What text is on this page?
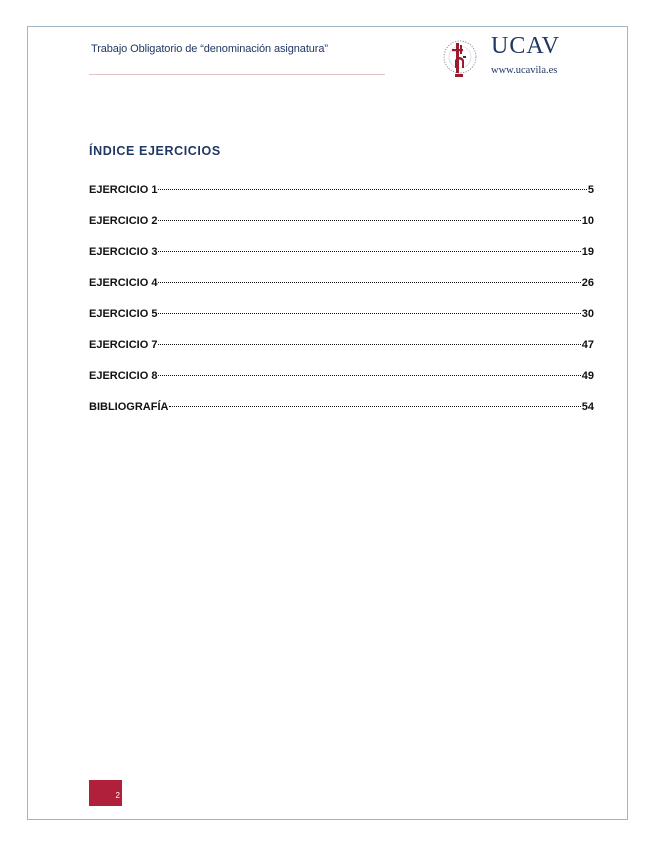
Trabajo Obligatorio de “denominación asignatura”	UCAV
www.ucavila.es
ÍNDICE EJERCICIOS
EJERCICIO 1	5
EJERCICIO 2	10
EJERCICIO 3	19
EJERCICIO 4	26
EJERCICIO 5	30
EJERCICIO 7	47
EJERCICIO 8	49
BIBLIOGRAFÍA	54
2
